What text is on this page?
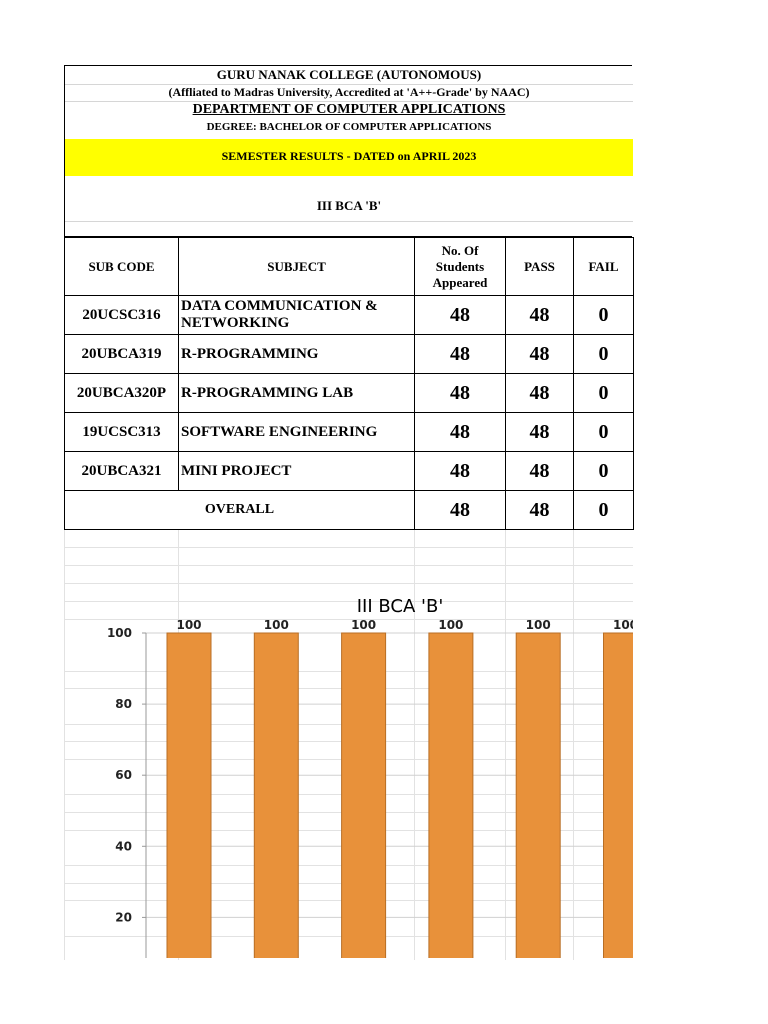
GURU NANAK COLLEGE (AUTONOMOUS)
(Affliated to Madras University, Accredited at 'A++-Grade' by NAAC)
DEPARTMENT OF COMPUTER APPLICATIONS
DEGREE: BACHELOR OF COMPUTER APPLICATIONS
SEMESTER RESULTS - DATED on APRIL 2023
III BCA 'B'
SUB CODE	SUBJECT	No. Of Students Appeared	PASS	FAIL
20UCSC316	DATA COMMUNICATION & NETWORKING	48	48	0
20UBCA319	R-PROGRAMMING	48	48	0
20UBCA320P	R-PROGRAMMING LAB	48	48	0
19UCSC313	SOFTWARE ENGINEERING	48	48	0
20UBCA321	MINI PROJECT	48	48	0
OVERALL		48	48	0
III BCA 'B'
20
40
60
80
100
100	100	100	100	100	100
